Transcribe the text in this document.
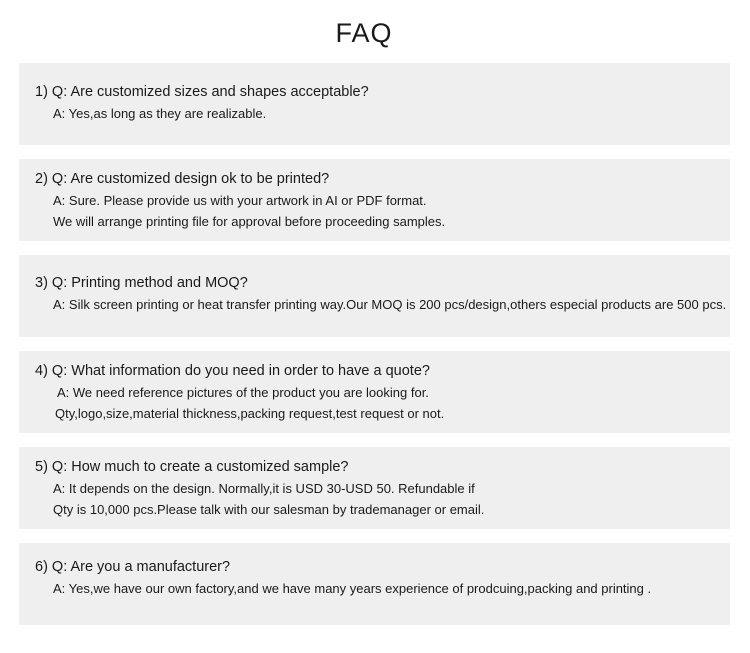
FAQ

1) Q: Are customized sizes and shapes acceptable?

A: Yes,as long as they are realizable.

2) Q: Are customized design ok to be printed?

A: Sure. Please provide us with your artwork in AI or PDF format.

We will arrange printing file for approval before proceeding samples.

3) Q: Printing method and MOQ?

A: Silk screen printing or heat transfer printing way.Our MOQ is 200 pcs/design,others especial products are 500 pcs.

4) Q: What information do you need in order to have a quote?

A: We need reference pictures of the product you are looking for.

Qty,logo,size,material thickness,packing request,test request or not.

5) Q: How much to create a customized sample?

A: It depends on the design. Normally,it is USD 30-USD 50. Refundable if

Qty is 10,000 pcs.Please talk with our salesman by trademanager or email.

6) Q: Are you a manufacturer?

A: Yes,we have our own factory,and we have many years experience of prodcuing,packing and printing .
